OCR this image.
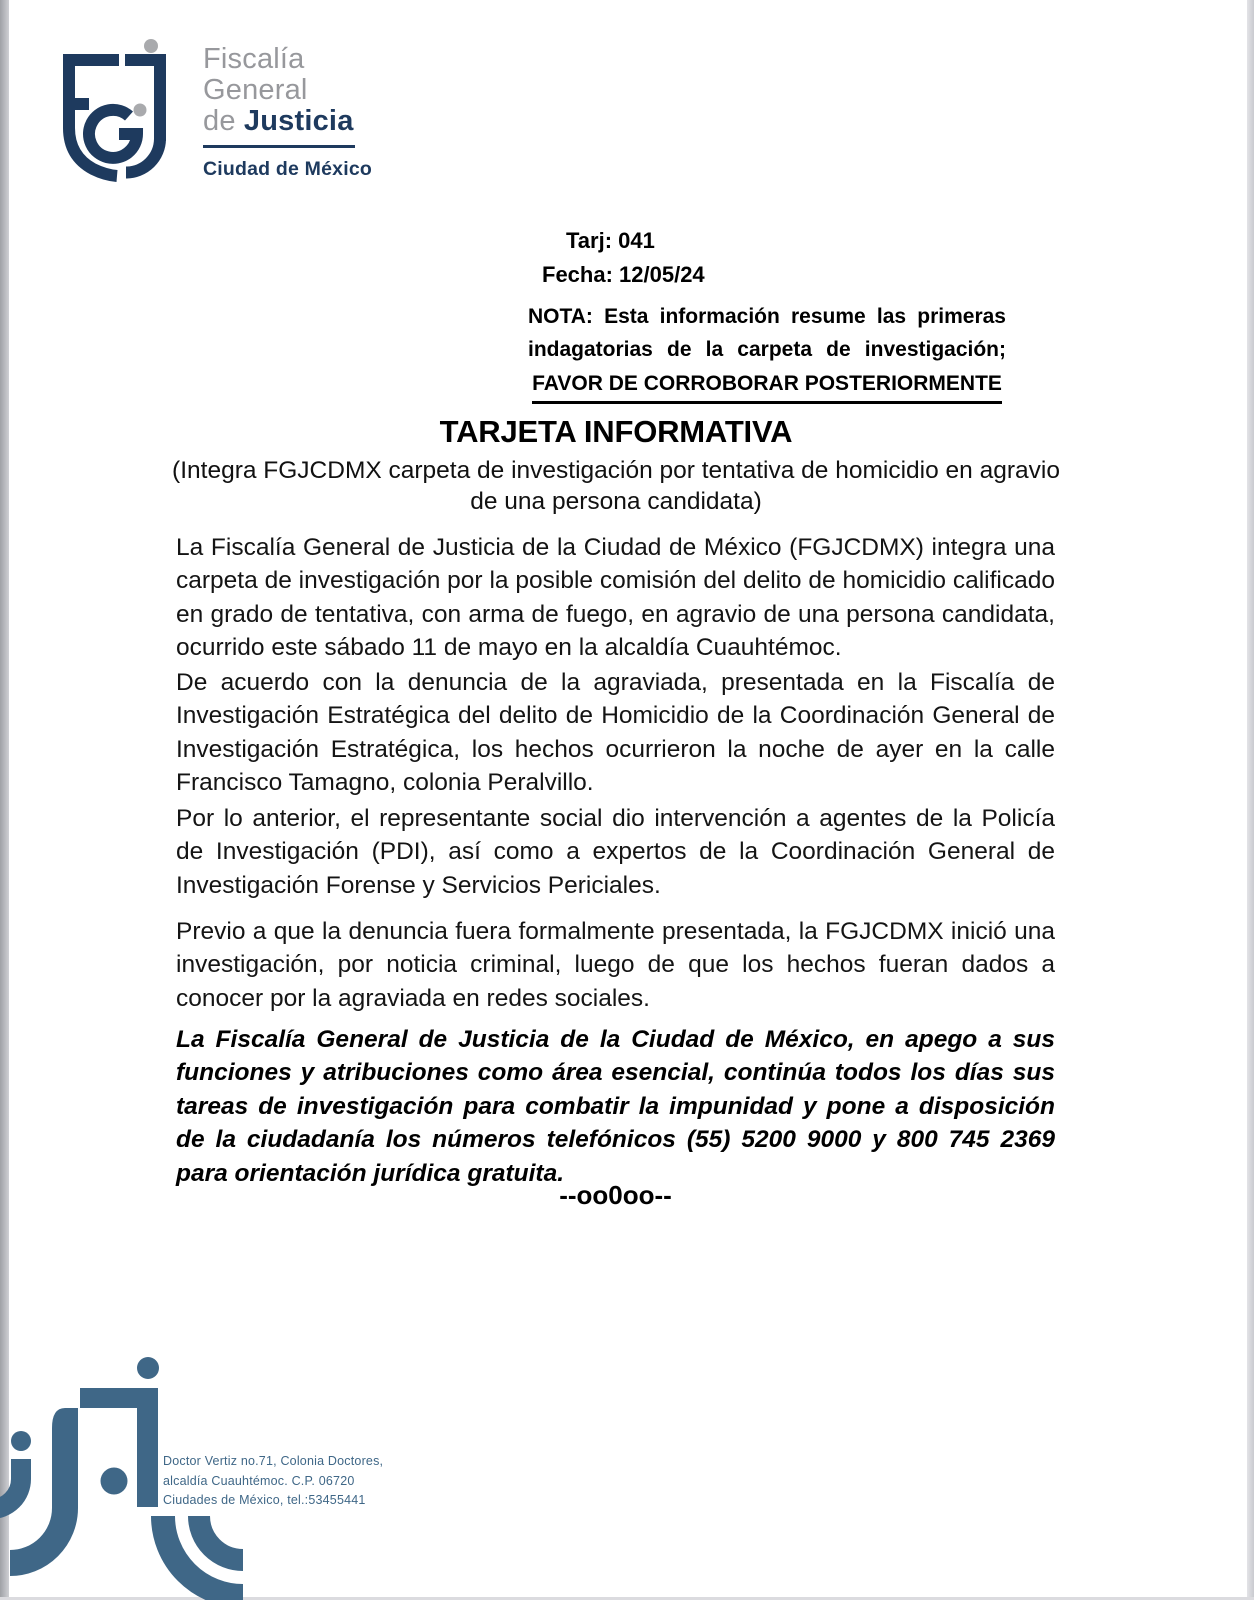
Fiscalía
General
de Justicia
Ciudad de México
Tarj: 041
Fecha: 12/05/24
NOTA: Esta información resume las primeras
indagatorias de la carpeta de investigación;
FAVOR DE CORROBORAR POSTERIORMENTE
TARJETA INFORMATIVA
(Integra FGJCDMX carpeta de investigación por tentativa de homicidio en agravio de una persona candidata)
La Fiscalía General de Justicia de la Ciudad de México (FGJCDMX) integra una carpeta de investigación por la posible comisión del delito de homicidio calificado en grado de tentativa, con arma de fuego, en agravio de una persona candidata, ocurrido este sábado 11 de mayo en la alcaldía Cuauhtémoc.
De acuerdo con la denuncia de la agraviada, presentada en la Fiscalía de Investigación Estratégica del delito de Homicidio de la Coordinación General de Investigación Estratégica, los hechos ocurrieron la noche de ayer en la calle Francisco Tamagno, colonia Peralvillo.
Por lo anterior, el representante social dio intervención a agentes de la Policía de Investigación (PDI), así como a expertos de la Coordinación General de Investigación Forense y Servicios Periciales.
Previo a que la denuncia fuera formalmente presentada, la FGJCDMX inició una investigación, por noticia criminal, luego de que los hechos fueran dados a conocer por la agraviada en redes sociales.
La Fiscalía General de Justicia de la Ciudad de México, en apego a sus funciones y atribuciones como área esencial, continúa todos los días sus tareas de investigación para combatir la impunidad y pone a disposición de la ciudadanía los números telefónicos (55) 5200 9000 y 800 745 2369 para orientación jurídica gratuita.
--oo0oo--
Doctor Vertiz no.71, Colonia Doctores,
alcaldía Cuauhtémoc. C.P. 06720
Ciudades de México, tel.:53455441
